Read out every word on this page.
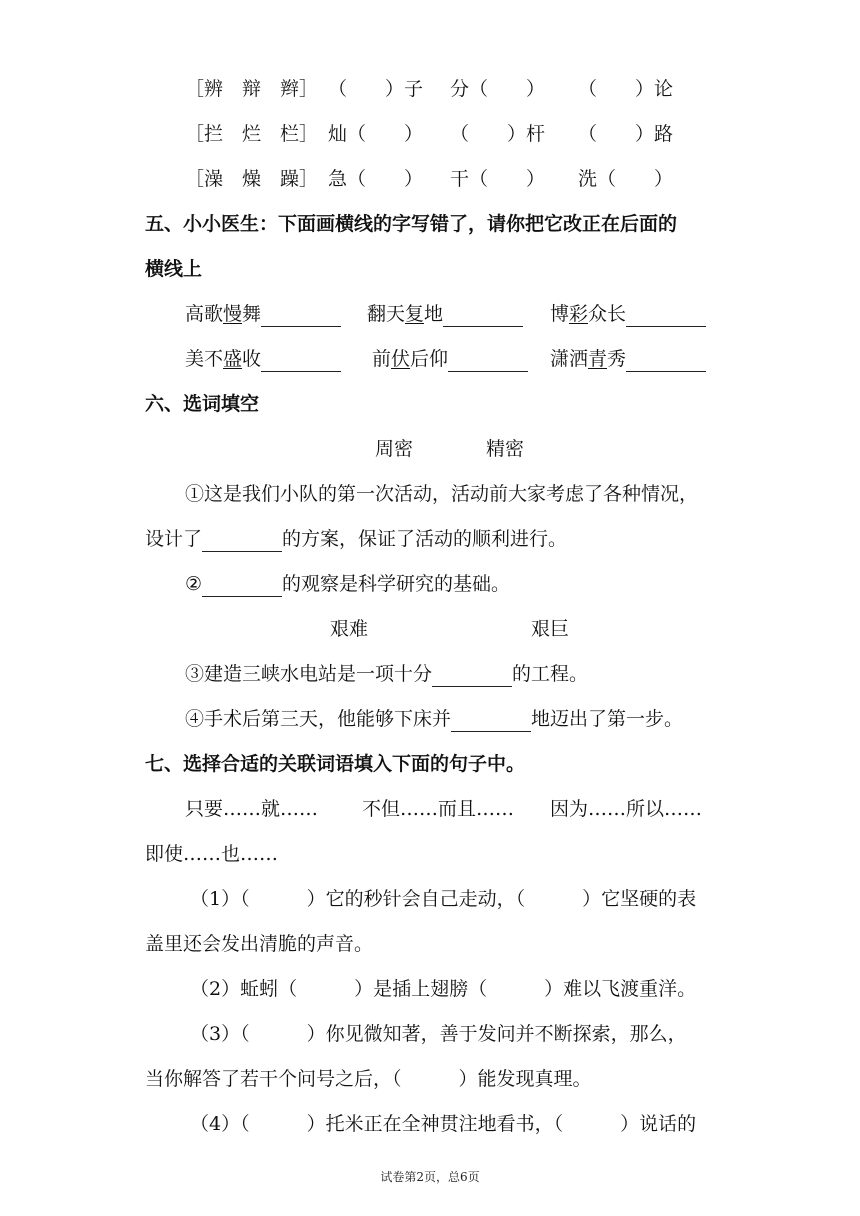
［辨　辩　辫］ （　　）子 分（　　） （　　）论
［拦　烂　栏］ 灿（　　） （　　）杆 （　　）路
［澡　燥　躁］ 急（　　） 干（　　） 洗（　　）
五、小小医生：下面画横线的字写错了，请你把它改正在后面的
横线上
高歌慢舞	翻天复地	博彩众长
美不盛收	前伏后仰	潇洒青秀
六、选词填空
周密	精密
①这是我们小队的第一次活动，活动前大家考虑了各种情况，
设计了	的方案，保证了活动的顺利进行。
②	的观察是科学研究的基础。
艰难	艰巨
③建造三峡水电站是一项十分	的工程。
④手术后第三天，他能够下床并	地迈出了第一步。
七、选择合适的关联词语填入下面的句子中。
只要……就…… 不但……而且…… 因为……所以……
即使……也……
（1）（　　　）它的秒针会自己走动，（　　　）它坚硬的表
盖里还会发出清脆的声音。
（2）蚯蚓（　　　）是插上翅膀（　　　）难以飞渡重洋。
（3）（　　　）你见微知著，善于发问并不断探索，那么，
当你解答了若干个问号之后，（　　　）能发现真理。
（4）（　　　）托米正在全神贯注地看书，（　　　）说话的
试卷第2页，总6页
